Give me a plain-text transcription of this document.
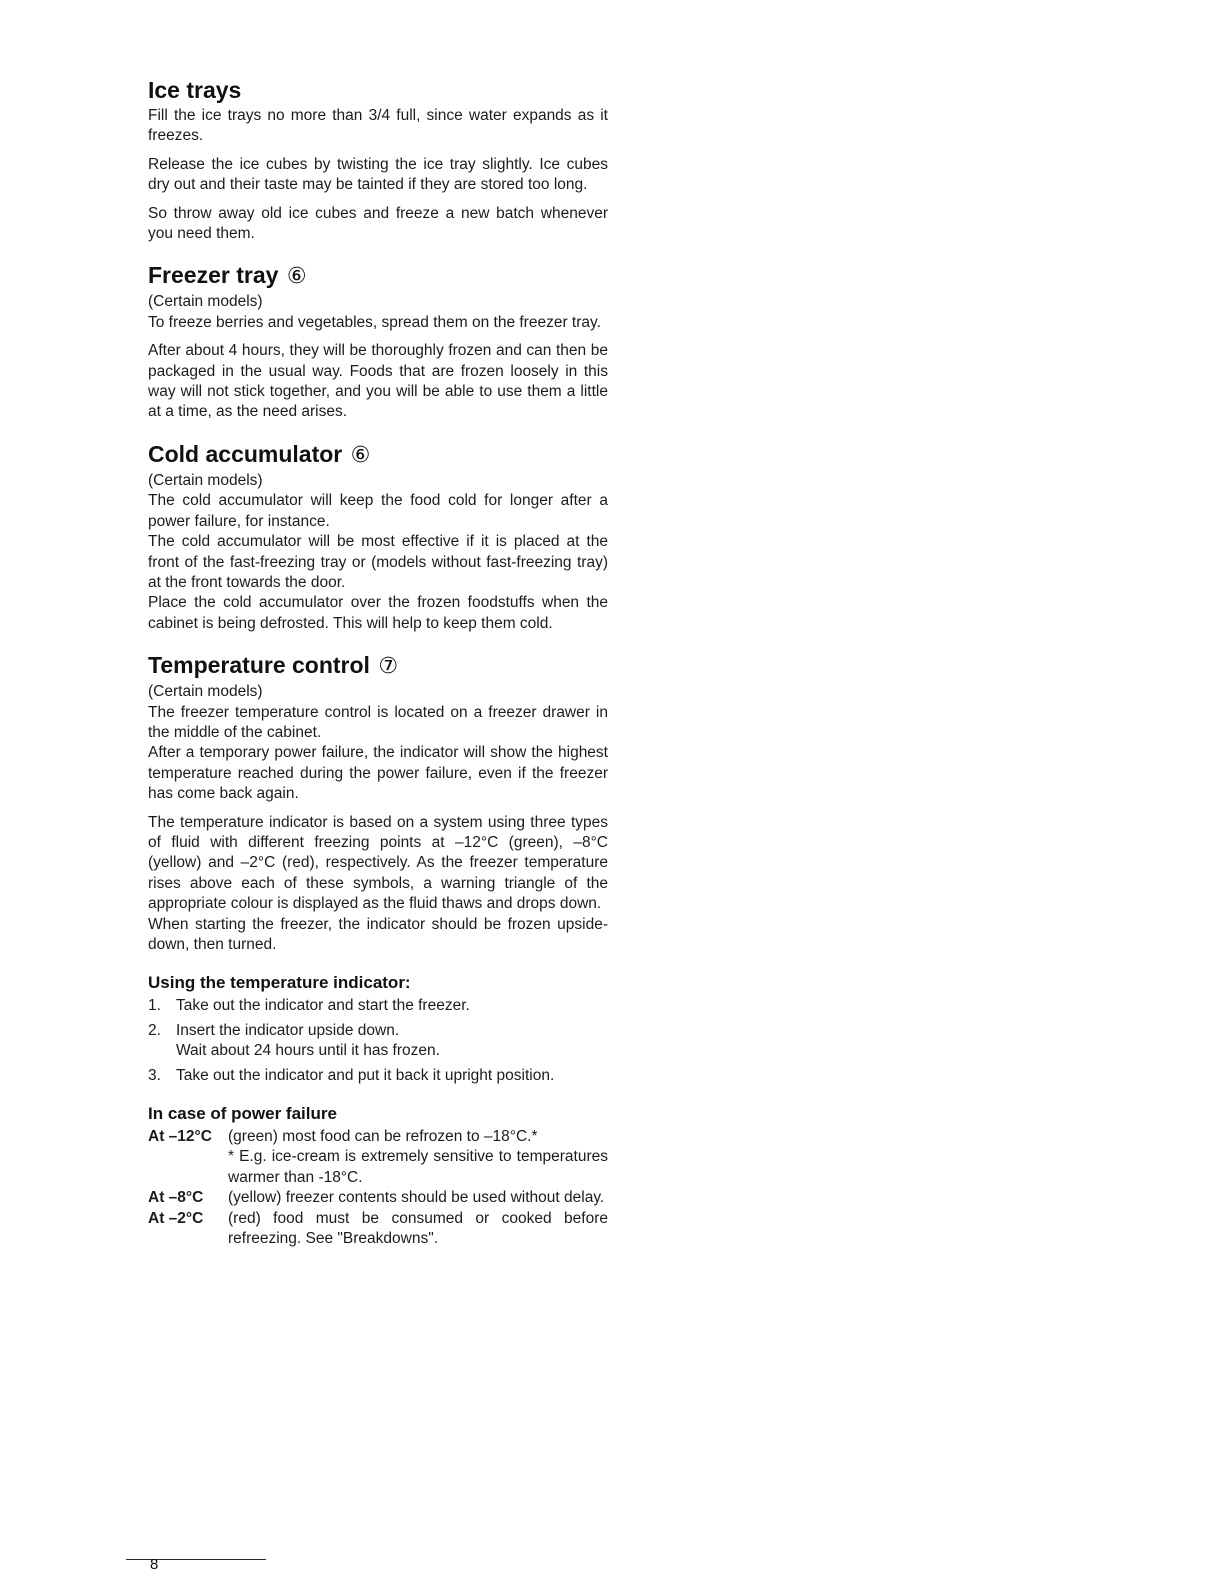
Ice trays

Fill the ice trays no more than 3/4 full, since water expands as it freezes.

Release the ice cubes by twisting the ice tray slightly. Ice cubes dry out and their taste may be tainted if they are stored too long.

So throw away old ice cubes and freeze a new batch whenever you need them.

Freezer tray ⑥

(Certain models)

To freeze berries and vegetables, spread them on the freezer tray.

After about 4 hours, they will be thoroughly frozen and can then be packaged in the usual way. Foods that are frozen loosely in this way will not stick together, and you will be able to use them a little at a time, as the need arises.

Cold accumulator ⑥

(Certain models)

The cold accumulator will keep the food cold for longer after a power failure, for instance.

The cold accumulator will be most effective if it is placed at the front of the fast-freezing tray or (models without fast-freezing tray) at the front towards the door.

Place the cold accumulator over the frozen foodstuffs when the cabinet is being defrosted. This will help to keep them cold.

Temperature control ⑦

(Certain models)

The freezer temperature control is located on a freezer drawer in the middle of the cabinet.

After a temporary power failure, the indicator will show the highest temperature reached during the power failure, even if the freezer has come back again.

The temperature indicator is based on a system using three types of fluid with different freezing points at –12°C (green), –8°C (yellow) and –2°C (red), respectively. As the freezer temperature rises above each of these symbols, a warning triangle of the appropriate colour is displayed as the fluid thaws and drops down.

When starting the freezer, the indicator should be frozen upside-down, then turned.

Using the temperature indicator:
1. Take out the indicator and start the freezer.
2. Insert the indicator upside down.
Wait about 24 hours until it has frozen.
3. Take out the indicator and put it back it upright position.
In case of power failure
At –12°C	(green) most food can be refrozen to –18°C.*
* E.g. ice-cream is extremely sensitive to temperatures warmer than -18°C.
At –8°C	(yellow) freezer contents should be used without delay.
At –2°C	(red) food must be consumed or cooked before refreezing. See "Breakdowns".
8
